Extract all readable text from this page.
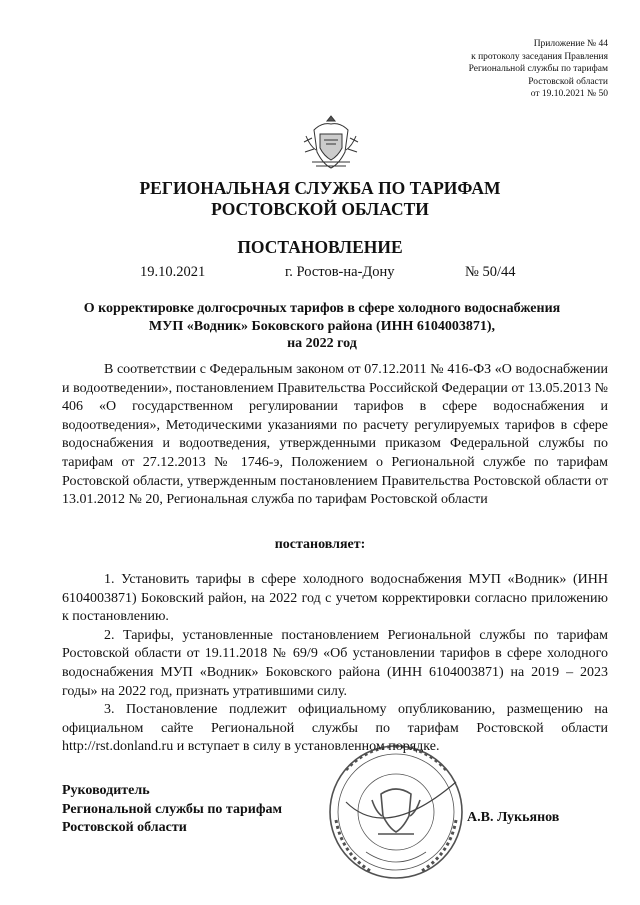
Приложение № 44
к протоколу заседания Правления
Региональной службы по тарифам
Ростовской области
от 19.10.2021 № 50
РЕГИОНАЛЬНАЯ СЛУЖБА ПО ТАРИФАМ
РОСТОВСКОЙ ОБЛАСТИ
ПОСТАНОВЛЕНИЕ
19.10.2021	г. Ростов-на-Дону	№ 50/44
О корректировке долгосрочных тарифов в сфере холодного водоснабжения
МУП «Водник» Боковского района (ИНН 6104003871),
на 2022 год
В соответствии с Федеральным законом от 07.12.2011 № 416-ФЗ «О водоснабжении и водоотведении», постановлением Правительства Российской Федерации от 13.05.2013 № 406 «О государственном регулировании тарифов в сфере водоснабжения и водоотведения», Методическими указаниями по расчету регулируемых тарифов в сфере водоснабжения и водоотведения, утвержденными приказом Федеральной службы по тарифам от 27.12.2013 № 1746-э, Положением о Региональной службе по тарифам Ростовской области, утвержденным постановлением Правительства Ростовской области от 13.01.2012 № 20, Региональная служба по тарифам Ростовской области
постановляет:

1. Установить тарифы в сфере холодного водоснабжения МУП «Водник» (ИНН 6104003871) Боковский район, на 2022 год с учетом корректировки согласно приложению к постановлению.

2. Тарифы, установленные постановлением Региональной службы по тарифам Ростовской области от 19.11.2018 № 69/9 «Об установлении тарифов в сфере холодного водоснабжения МУП «Водник» Боковского района (ИНН 6104003871) на 2019 – 2023 годы» на 2022 год, признать утратившими силу.

3. Постановление подлежит официальному опубликованию, размещению на официальном сайте Региональной службы по тарифам Ростовской области http://rst.donland.ru и вступает в силу в установленном порядке.

Руководитель
Региональной службы по тарифам
Ростовской области
А.В. Лукьянов
